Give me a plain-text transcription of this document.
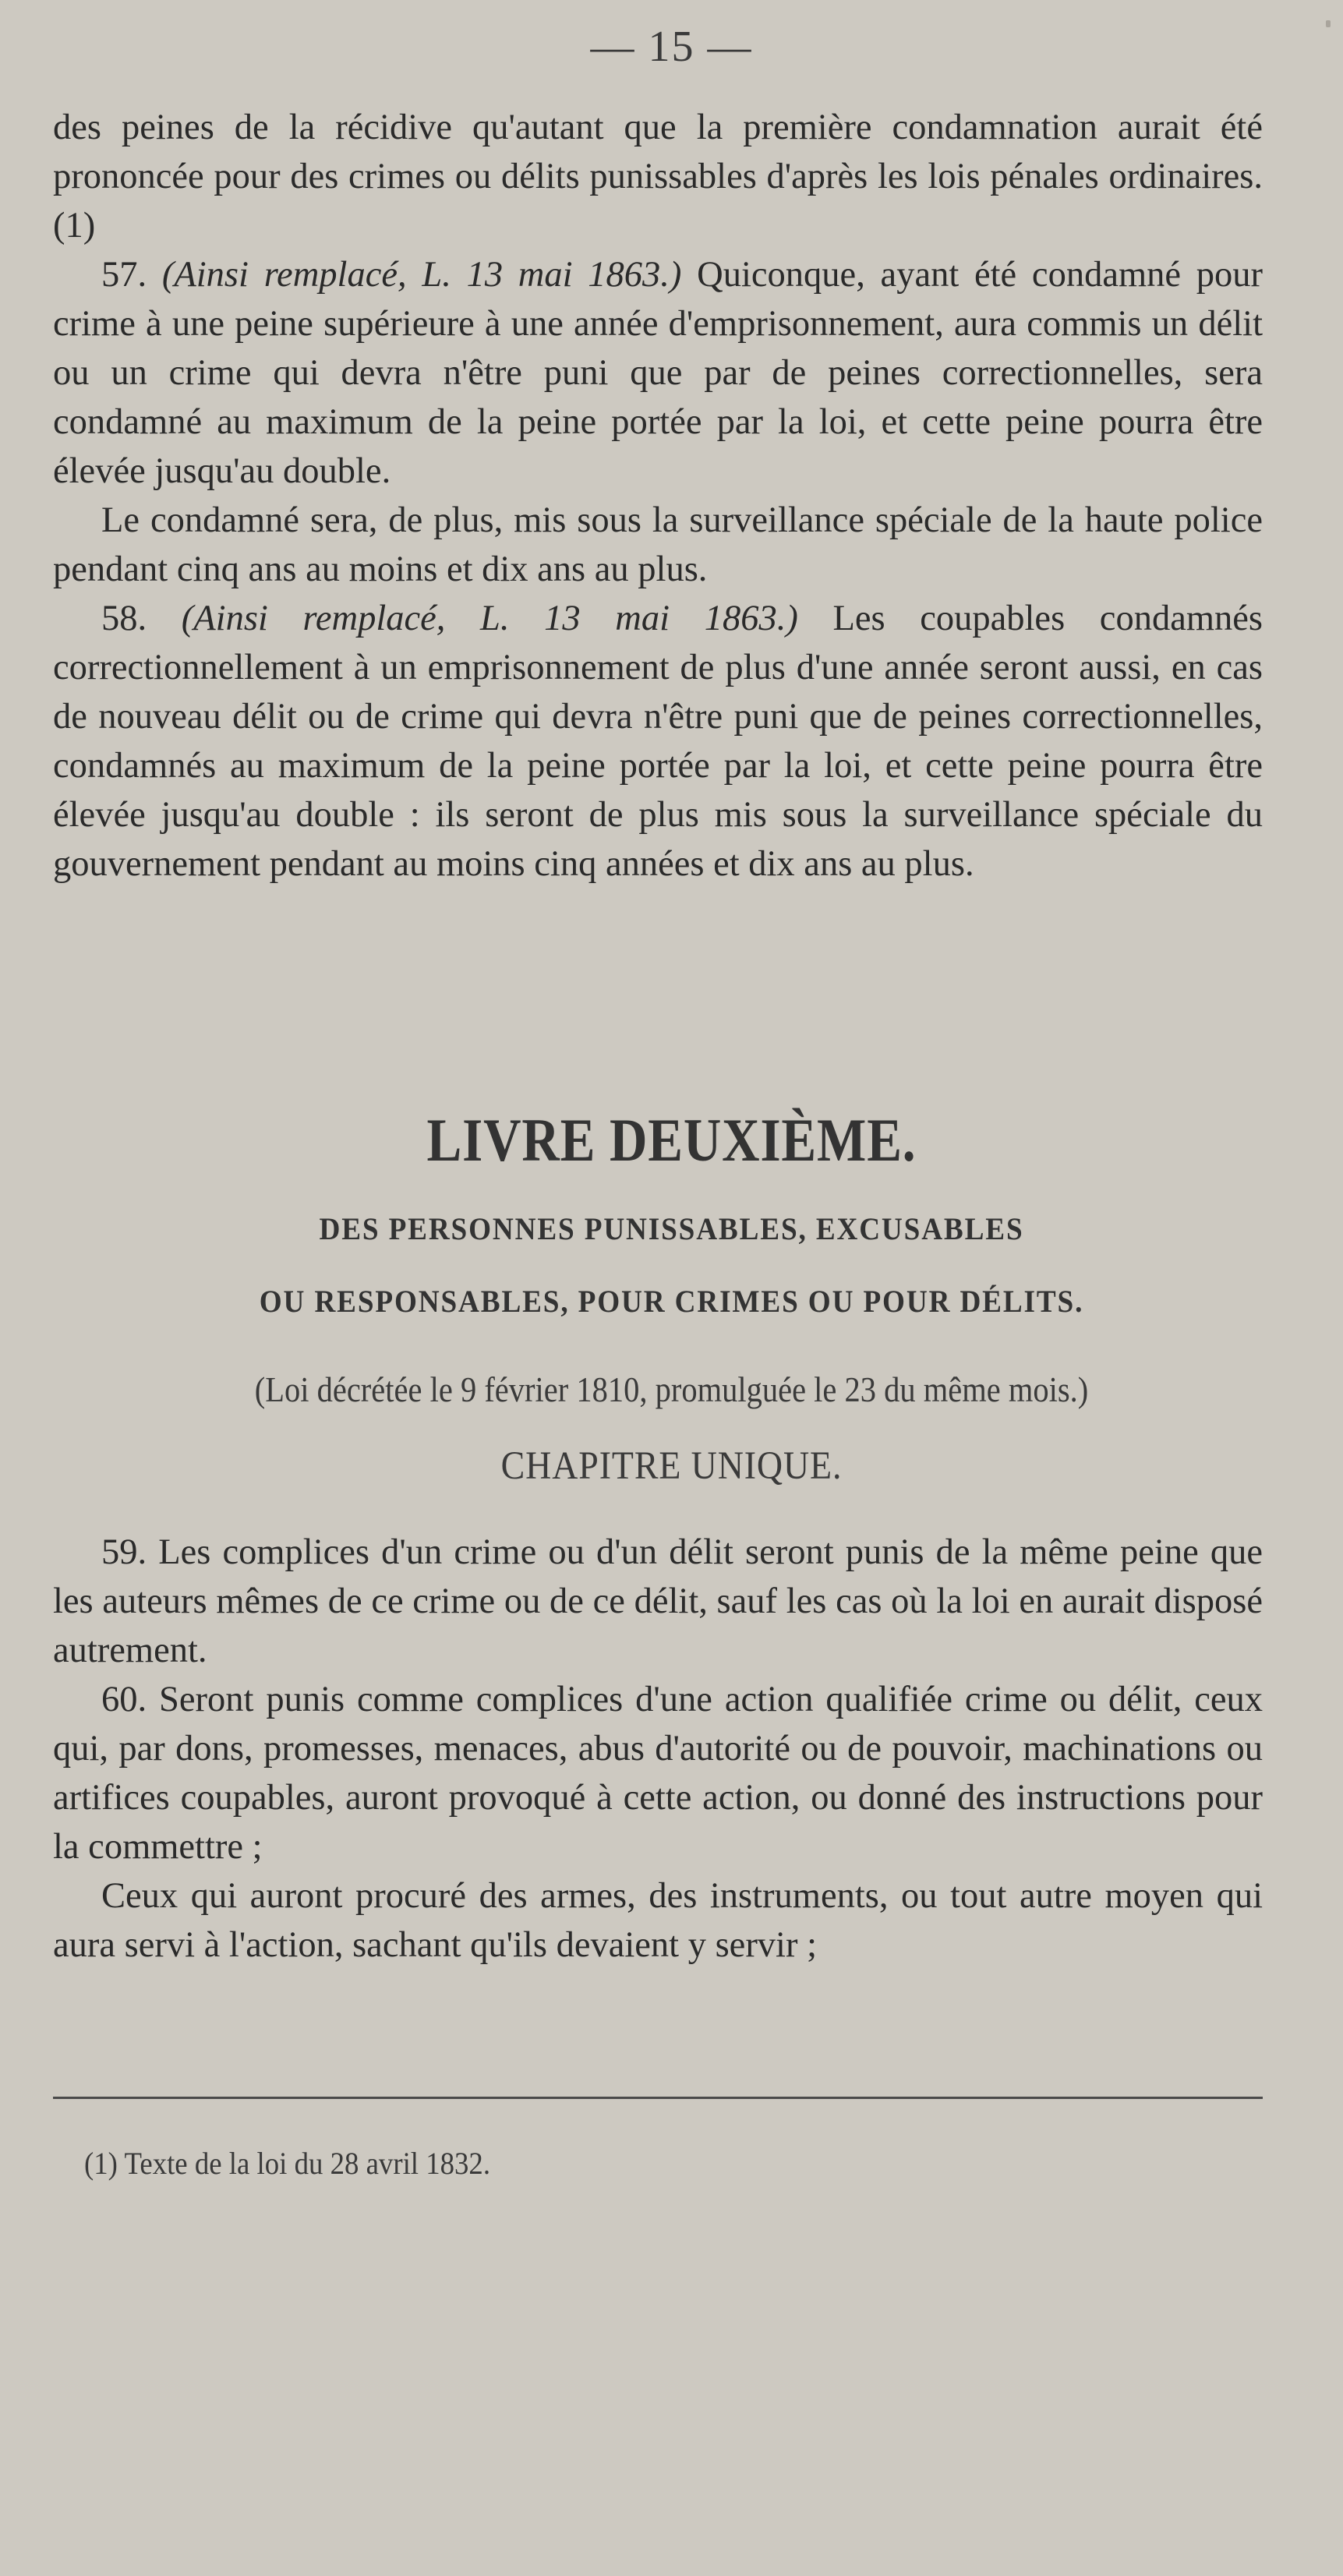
— 15 —

des peines de la récidive qu'autant que la première condamnation aurait été prononcée pour des crimes ou délits punissables d'après les lois pénales ordinaires. (1)

57. (Ainsi remplacé, L. 13 mai 1863.) Quiconque, ayant été condamné pour crime à une peine supérieure à une année d'emprisonnement, aura commis un délit ou un crime qui devra n'être puni que par de peines correctionnelles, sera condamné au maximum de la peine portée par la loi, et cette peine pourra être élevée jusqu'au double.

Le condamné sera, de plus, mis sous la surveillance spéciale de la haute police pendant cinq ans au moins et dix ans au plus.

58. (Ainsi remplacé, L. 13 mai 1863.) Les coupables condamnés correctionnellement à un emprisonnement de plus d'une année seront aussi, en cas de nouveau délit ou de crime qui devra n'être puni que de peines correctionnelles, condamnés au maximum de la peine portée par la loi, et cette peine pourra être élevée jusqu'au double : ils seront de plus mis sous la surveillance spéciale du gouvernement pendant au moins cinq années et dix ans au plus.

LIVRE DEUXIÈME.
DES PERSONNES PUNISSABLES, EXCUSABLES
OU RESPONSABLES, POUR CRIMES OU POUR DÉLITS.
(Loi décrétée le 9 février 1810, promulguée le 23 du même mois.)
CHAPITRE UNIQUE.

59. Les complices d'un crime ou d'un délit seront punis de la même peine que les auteurs mêmes de ce crime ou de ce délit, sauf les cas où la loi en aurait disposé autrement.

60. Seront punis comme complices d'une action qualifiée crime ou délit, ceux qui, par dons, promesses, menaces, abus d'autorité ou de pouvoir, machinations ou artifices coupables, auront provoqué à cette action, ou donné des instructions pour la commettre ;

Ceux qui auront procuré des armes, des instruments, ou tout autre moyen qui aura servi à l'action, sachant qu'ils devaient y servir ;

(1) Texte de la loi du 28 avril 1832.
